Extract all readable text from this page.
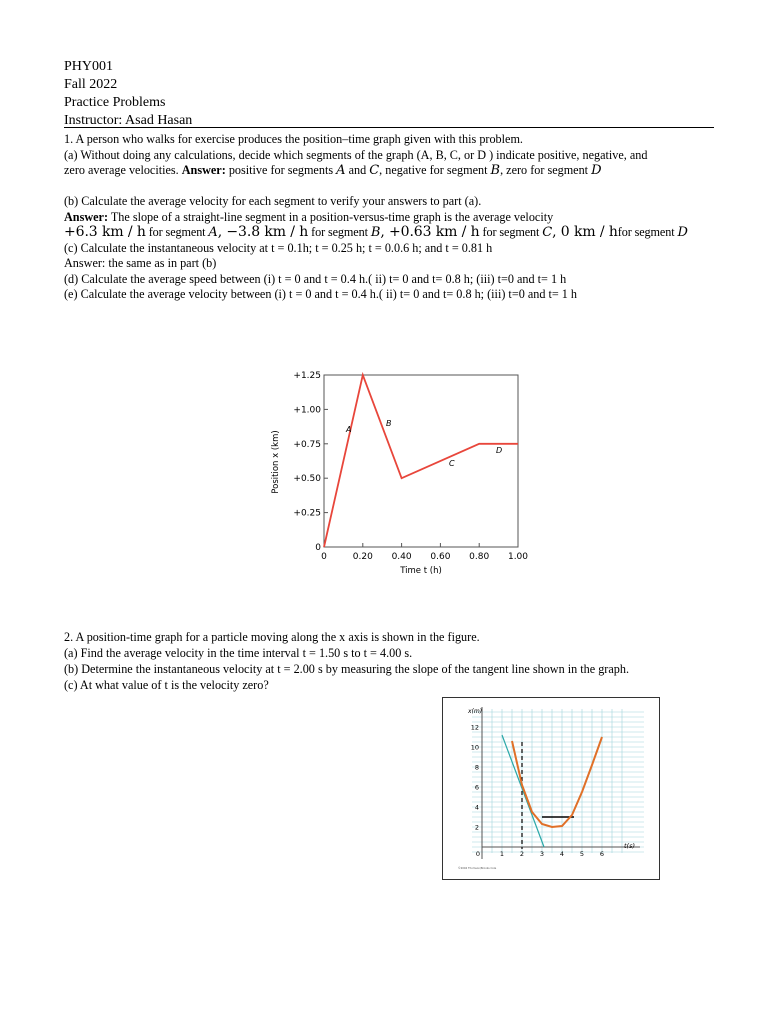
PHY001
Fall 2022
Practice Problems
Instructor: Asad Hasan
1. A person who walks for exercise produces the position–time graph given with this problem.
(a) Without doing any calculations, decide which segments of the graph (A, B, C, or D ) indicate positive, negative, and
zero average velocities. Answer: positive for segments A and C, negative for segment B, zero for segment D
(b) Calculate the average velocity for each segment to verify your answers to part (a).
Answer: The slope of a straight-line segment in a position-versus-time graph is the average velocity
+6.3 km / h for segment A, −3.8 km / h for segment B, +0.63 km / h for segment C, 0 km / hfor segment D
(c) Calculate the instantaneous velocity at t = 0.1h; t = 0.25 h; t = 0.0.6 h; and t = 0.81 h
Answer: the same as in part (b)
(d) Calculate the average speed between (i) t = 0 and t = 0.4 h.( ii) t= 0 and t= 0.8 h; (iii) t=0 and t= 1 h
(e) Calculate the average velocity between (i) t = 0 and t = 0.4 h.( ii) t= 0 and t= 0.8 h; (iii) t=0 and t= 1 h
0
+0.25
+0.50
+0.75
+1.00
+1.25
0	0.20 0.40 0.60 0.80 1.00
A
B
C
D
Position x (km)
Time t (h)
2. A position-time graph for a particle moving along the x axis is shown in the figure.
(a) Find the average velocity in the time interval t = 1.50 s to t = 4.00 s.
(b) Determine the instantaneous velocity at t = 2.00 s by measuring the slope of the tangent line shown in the graph.
(c) At what value of t is the velocity zero?
2
4
6
8
10
12
0	1 2 3 4 5 6
x(m)
t(s)
©2004 Thomson/Brooks Cole
